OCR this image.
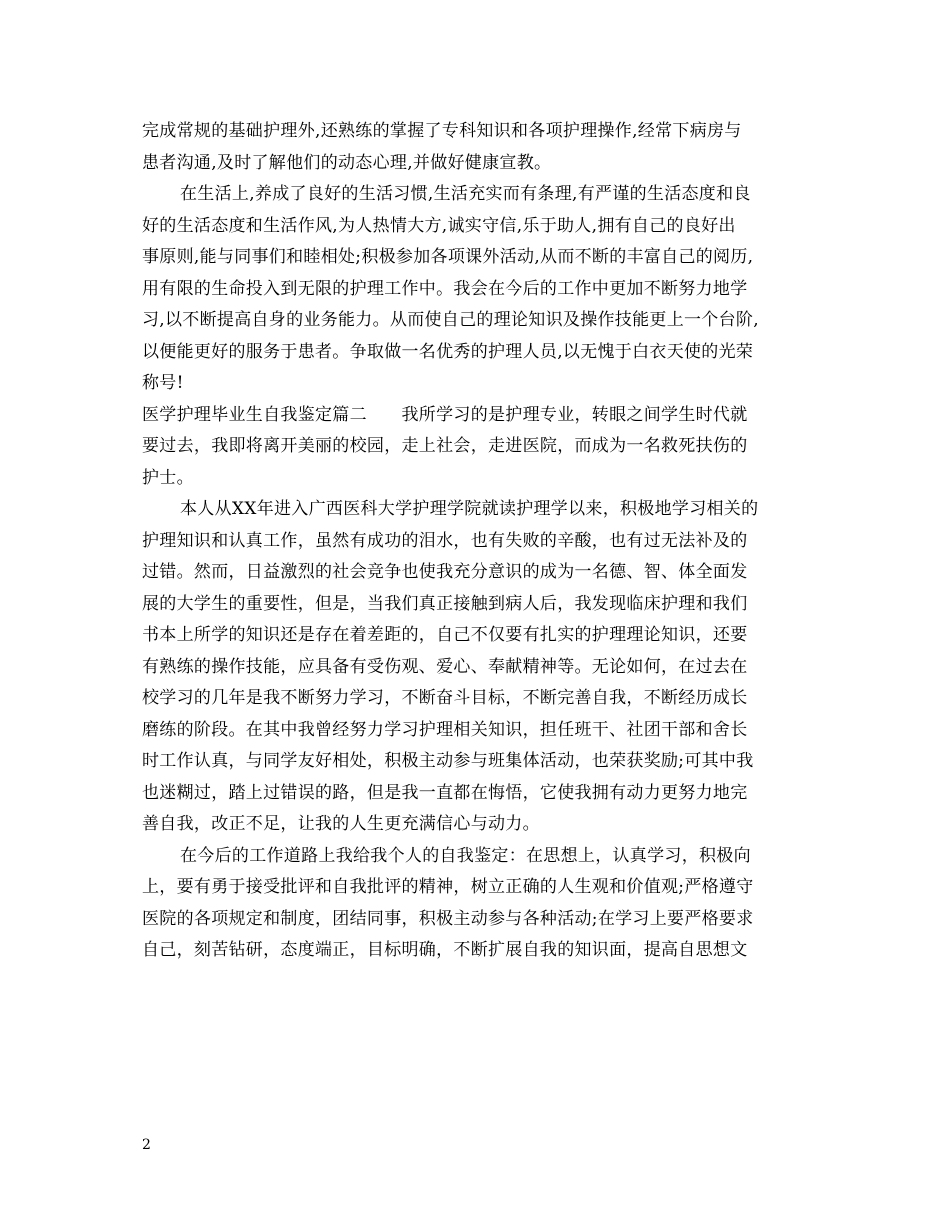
完成常规的基础护理外,还熟练的掌握了专科知识和各项护理操作,经常下病房与
患者沟通,及时了解他们的动态心理,并做好健康宣教。
在生活上,养成了良好的生活习惯,生活充实而有条理,有严谨的生活态度和良
好的生活态度和生活作风,为人热情大方,诚实守信,乐于助人,拥有自己的良好出
事原则,能与同事们和睦相处;积极参加各项课外活动,从而不断的丰富自己的阅历,
用有限的生命投入到无限的护理工作中。我会在今后的工作中更加不断努力地学
习,以不断提高自身的业务能力。从而使自己的理论知识及操作技能更上一个台阶,
以便能更好的服务于患者。争取做一名优秀的护理人员,以无愧于白衣天使的光荣
称号!
医学护理毕业生自我鉴定篇二　　我所学习的是护理专业，转眼之间学生时代就
要过去，我即将离开美丽的校园，走上社会，走进医院，而成为一名救死扶伤的
护士。
本人从XX年进入广西医科大学护理学院就读护理学以来，积极地学习相关的
护理知识和认真工作，虽然有成功的泪水，也有失败的辛酸，也有过无法补及的
过错。然而，日益激烈的社会竞争也使我充分意识的成为一名德、智、体全面发
展的大学生的重要性，但是，当我们真正接触到病人后，我发现临床护理和我们
书本上所学的知识还是存在着差距的，自己不仅要有扎实的护理理论知识，还要
有熟练的操作技能，应具备有受伤观、爱心、奉献精神等。无论如何，在过去在
校学习的几年是我不断努力学习，不断奋斗目标，不断完善自我，不断经历成长
磨练的阶段。在其中我曾经努力学习护理相关知识，担任班干、社团干部和舍长
时工作认真，与同学友好相处，积极主动参与班集体活动，也荣获奖励;可其中我
也迷糊过，踏上过错误的路，但是我一直都在悔悟，它使我拥有动力更努力地完
善自我，改正不足，让我的人生更充满信心与动力。
在今后的工作道路上我给我个人的自我鉴定：在思想上，认真学习，积极向
上，要有勇于接受批评和自我批评的精神，树立正确的人生观和价值观;严格遵守
医院的各项规定和制度，团结同事，积极主动参与各种活动;在学习上要严格要求
自己，刻苦钻研，态度端正，目标明确，不断扩展自我的知识面，提高自思想文
2
